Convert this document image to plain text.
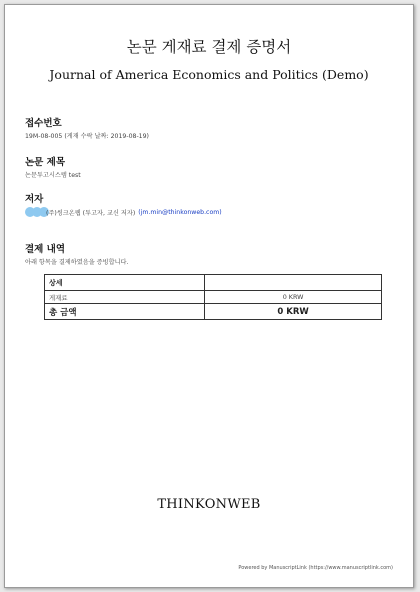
논문 게재료 결제 증명서
Journal of America Economics and Politics (Demo)
접수번호
19M-08-005 (게재 수락 날짜: 2019-08-19)
논문 제목
논문투고시스템 test
저자
(주)씽크온웹 (투고자, 교신 저자) (jm.min@thinkonweb.com)
결제 내역
아래 항목을 결제하였음을 증빙합니다.
상세	
게재료	0 KRW
총 금액	0 KRW
THINKONWEB
Powered by ManuscriptLink (https://www.manuscriptlink.com)
